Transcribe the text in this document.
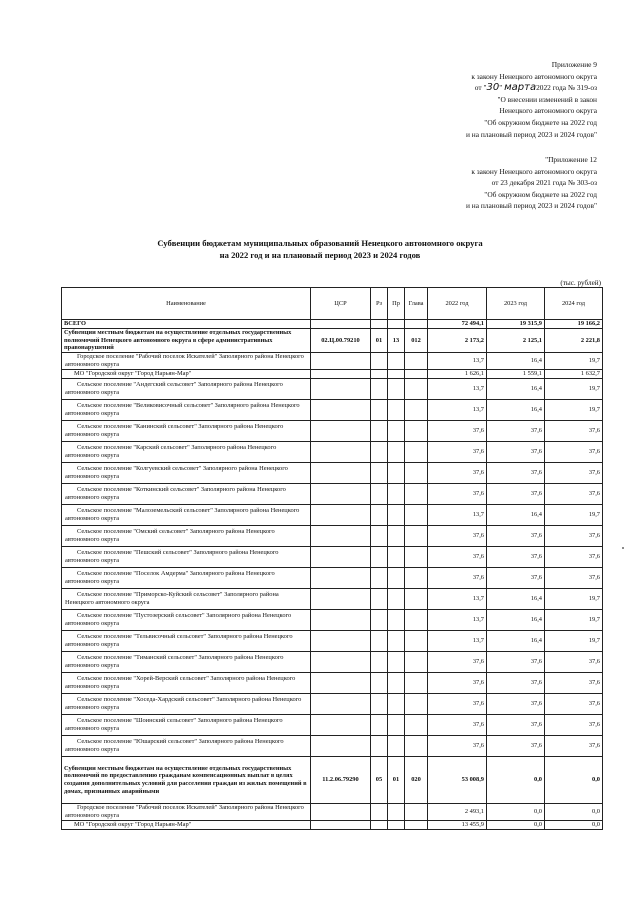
Приложение 9
к закону Ненецкого автономного округа
от "30" марта2022 года № 319-оз
"О внесении изменений в закон
Ненецкого автономного округа
"Об окружном бюджете на 2022 год
и на плановый период 2023 и 2024 годов"
"Приложение 12
к закону Ненецкого автономного округа
от 23 декабря 2021 года № 303-оз
"Об окружном бюджете на 2022 год
и на плановый период 2023 и 2024 годов"
Субвенции бюджетам муниципальных образований Ненецкого автономного округа
на 2022 год и на плановый период 2023 и 2024 годов
(тыс. рублей)
Наименование	ЦСР	Рз	Пр	Глава	2022 год	2023 год	2024 год
ВСЕГО					72 494,1	19 315,9	19 166,2
Субвенции местным бюджетам на осуществление отдельных государственных полномочий Ненецкого автономного округа в сфере административных правонарушений	02.Ц.00.79210	01	13	012	2 173,2	2 125,1	2 221,8
Городское поселение "Рабочий поселок Искателей" Заполярного района Ненецкого автономного округа					13,7	16,4	19,7
МО "Городской округ "Город Нарьян-Мар"					1 626,1	1 559,1	1 632,7
Сельское поселение "Андегский сельсовет" Заполярного района Ненецкого автономного округа					13,7	16,4	19,7
Сельское поселение "Великовисочный сельсовет" Заполярного района Ненецкого автономного округа					13,7	16,4	19,7
Сельское поселение "Канинский сельсовет" Заполярного района Ненецкого автономного округа					37,6	37,6	37,6
Сельское поселение "Карский сельсовет" Заполярного района Ненецкого автономного округа					37,6	37,6	37,6
Сельское поселение "Колгуевский сельсовет" Заполярного района Ненецкого автономного округа					37,6	37,6	37,6
Сельское поселение "Коткинский сельсовет" Заполярного района Ненецкого автономного округа					37,6	37,6	37,6
Сельское поселение "Малоземельский сельсовет" Заполярного района Ненецкого автономного округа					13,7	16,4	19,7
Сельское поселение "Омский сельсовет" Заполярного района Ненецкого автономного округа					37,6	37,6	37,6
Сельское поселение "Пешский сельсовет" Заполярного района Ненецкого автономного округа					37,6	37,6	37,6
Сельское поселение "Поселок Амдерма" Заполярного района Ненецкого автономного округа					37,6	37,6	37,6
Сельское поселение "Приморско-Куйский сельсовет" Заполярного района Ненецкого автономного округа					13,7	16,4	19,7
Сельское поселение "Пустозерский сельсовет" Заполярного района Ненецкого автономного округа					13,7	16,4	19,7
Сельское поселение "Тельвисочный сельсовет" Заполярного района Ненецкого автономного округа					13,7	16,4	19,7
Сельское поселение "Тиманский сельсовет" Заполярного района Ненецкого автономного округа					37,6	37,6	37,6
Сельское поселение "Хорей-Верский сельсовет" Заполярного района Ненецкого автономного округа					37,6	37,6	37,6
Сельское поселение "Хоседа-Хардский сельсовет" Заполярного района Ненецкого автономного округа					37,6	37,6	37,6
Сельское поселение "Шоинский сельсовет" Заполярного района Ненецкого автономного округа					37,6	37,6	37,6
Сельское поселение "Юшарский сельсовет" Заполярного района Ненецкого автономного округа					37,6	37,6	37,6
Субвенции местным бюджетам на осуществление отдельных государственных полномочий по предоставлению гражданам компенсационных выплат в целях создания дополнительных условий для расселения граждан из жилых помещений в домах, признанных аварийными	11.2.06.79290	05	01	020	53 008,9	0,0	0,0
Городское поселение "Рабочий поселок Искателей" Заполярного района Ненецкого автономного округа					2 493,1	0,0	0,0
МО "Городской округ "Город Нарьян-Мар"					13 455,9	0,0	0,0
